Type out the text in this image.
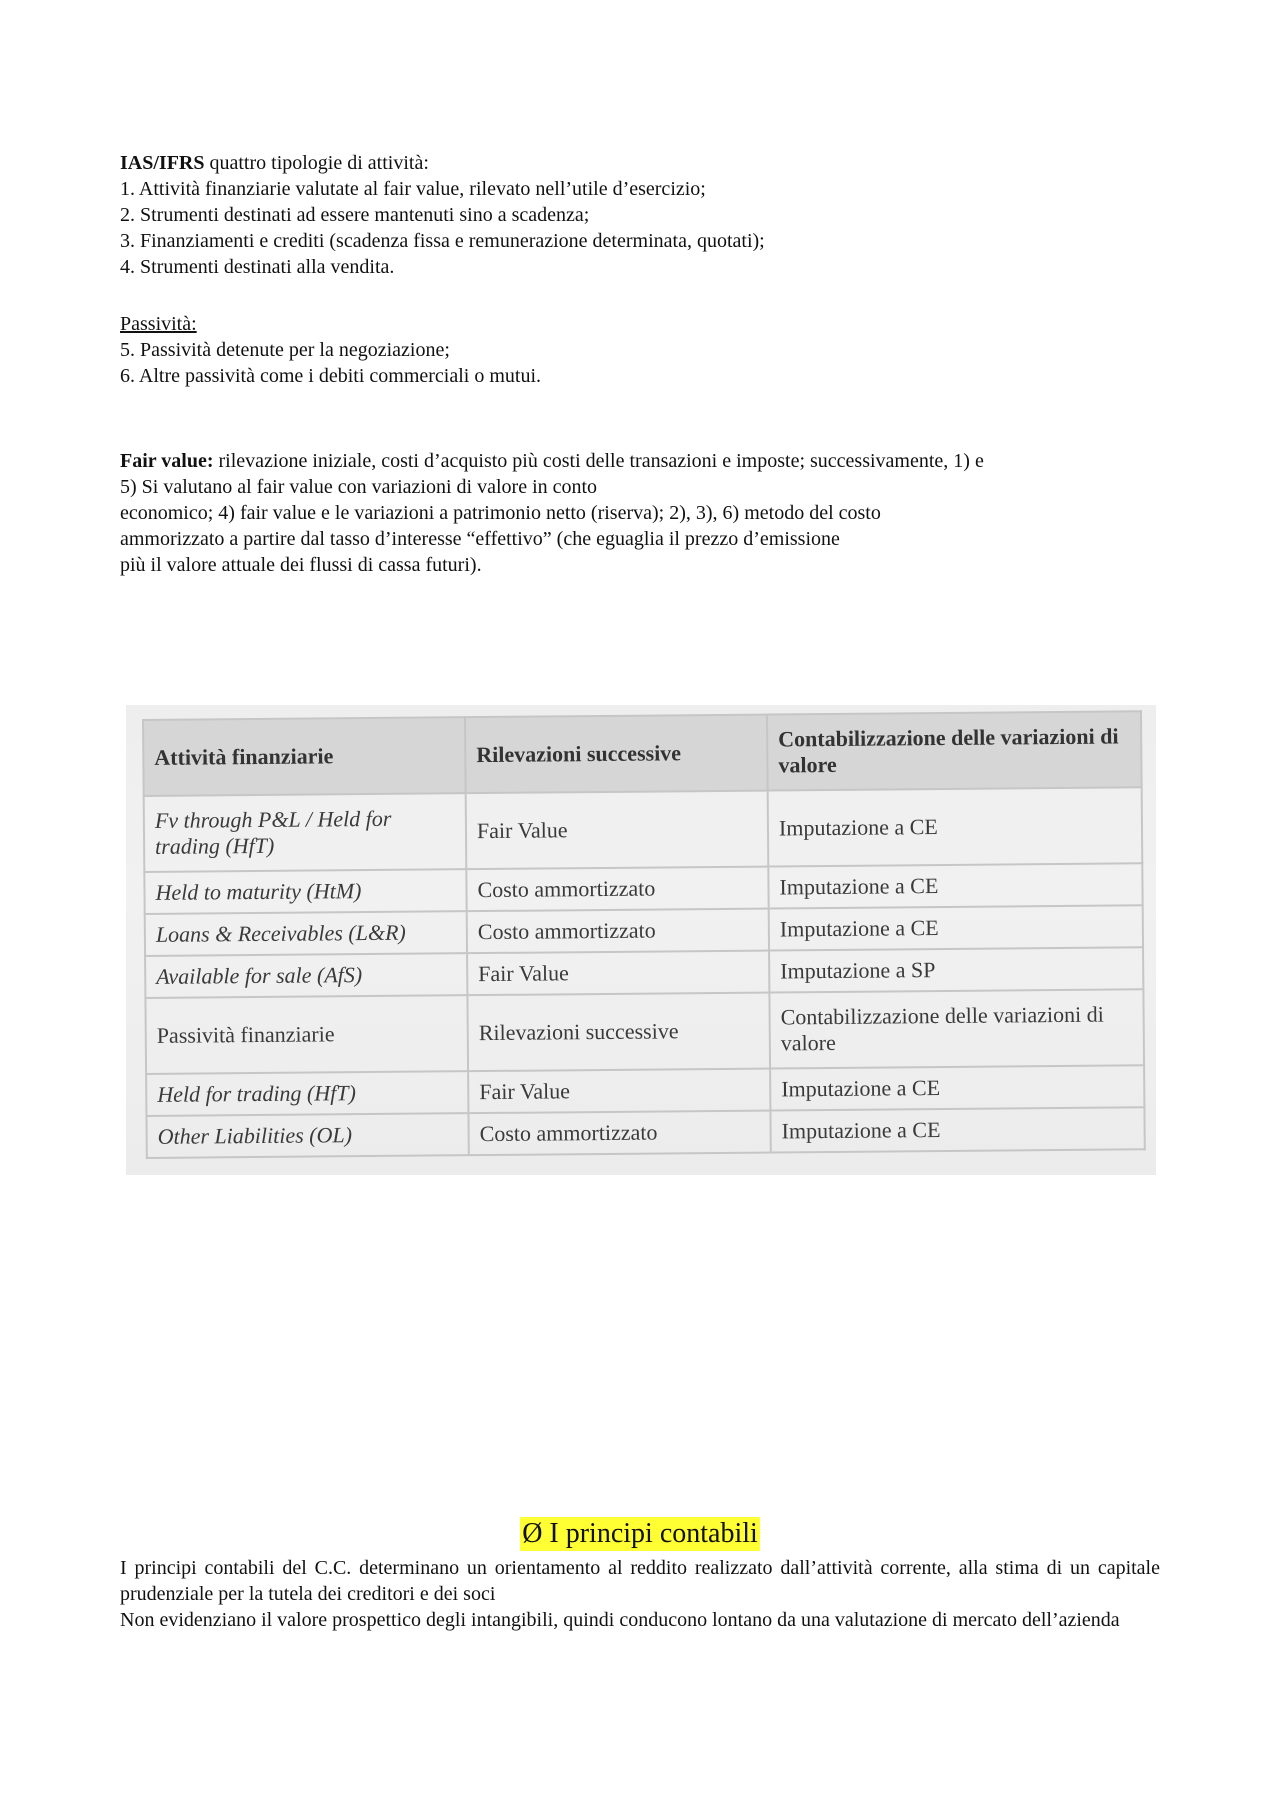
IAS/IFRS quattro tipologie di attività:

1. Attività finanziarie valutate al fair value, rilevato nell’utile d’esercizio;

2. Strumenti destinati ad essere mantenuti sino a scadenza;

3. Finanziamenti e crediti (scadenza fissa e remunerazione determinata, quotati);

4. Strumenti destinati alla vendita.

Passività:

5. Passività detenute per la negoziazione;

6. Altre passività come i debiti commerciali o mutui.

Fair value: rilevazione iniziale, costi d’acquisto più costi delle transazioni e imposte; successivamente, 1) e

5) Si valutano al fair value con variazioni di valore in conto

economico; 4) fair value e le variazioni a patrimonio netto (riserva); 2), 3), 6) metodo del costo

ammorizzato a partire dal tasso d’interesse “effettivo” (che eguaglia il prezzo d’emissione

più il valore attuale dei flussi di cassa futuri).

Attività finanziarie	Rilevazioni successive	Contabilizzazione delle variazioni di valore
Fv through P&L / Held for trading (HfT)	Fair Value	Imputazione a CE
Held to maturity (HtM)	Costo ammortizzato	Imputazione a CE
Loans & Receivables (L&R)	Costo ammortizzato	Imputazione a CE
Available for sale (AfS)	Fair Value	Imputazione a SP
Passività finanziarie	Rilevazioni successive	Contabilizzazione delle variazioni di valore
Held for trading (HfT)	Fair Value	Imputazione a CE
Other Liabilities (OL)	Costo ammortizzato	Imputazione a CE
Ø I principi contabili

I principi contabili del C.C. determinano un orientamento al reddito realizzato dall’attività corrente, alla stima di un capitale prudenziale per la tutela dei creditori e dei soci

Non evidenziano il valore prospettico degli intangibili, quindi conducono lontano da una valutazione di mercato dell’azienda
